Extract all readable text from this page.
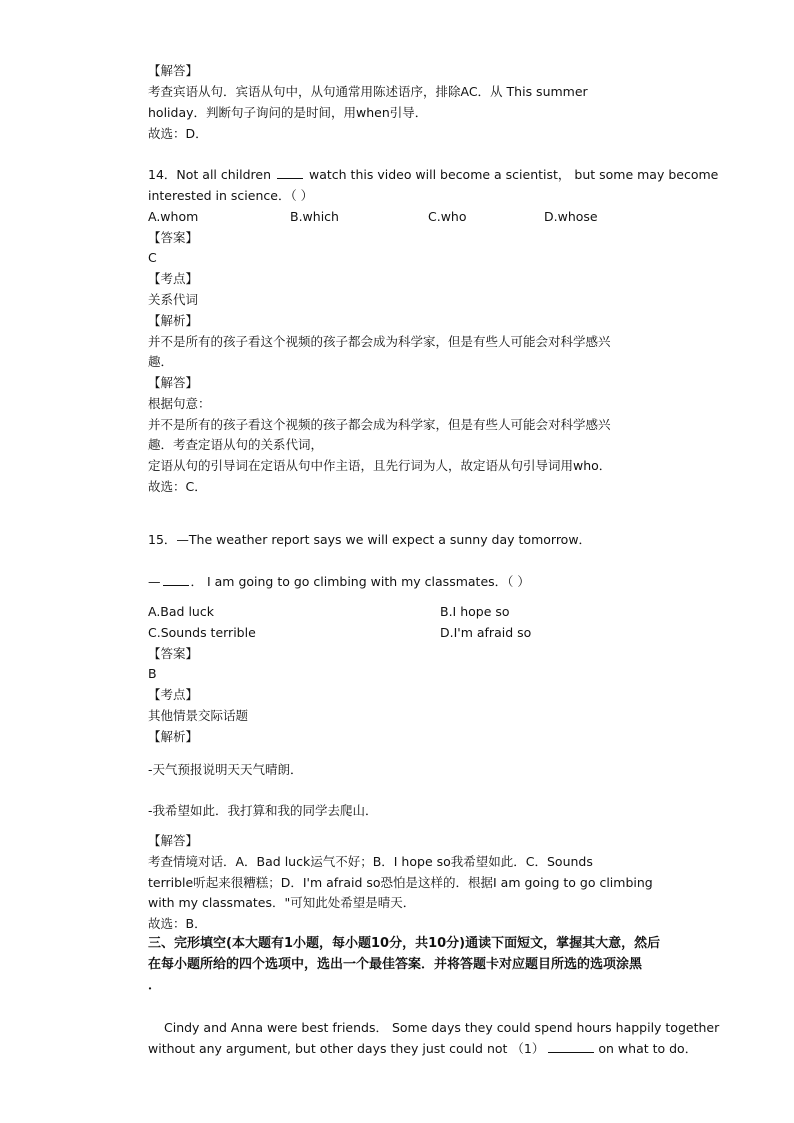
【解答】
考查宾语从句．宾语从句中，从句通常用陈述语序，排除AC．从 This summer
holiday．判断句子询问的是时间，用when引导．
故选：D．
14．Not all children	watch this video will become a scientist， but some may become
interested in science．（ ）
A.whom	B.which	C.who	D.whose
【答案】
C
【考点】
关系代词
【解析】
并不是所有的孩子看这个视频的孩子都会成为科学家，但是有些人可能会对科学感兴
趣．
【解答】
根据句意：
并不是所有的孩子看这个视频的孩子都会成为科学家，但是有些人可能会对科学感兴
趣．考查定语从句的关系代词，
定语从句的引导词在定语从句中作主语，且先行词为人，故定语从句引导词用who．
故选：C．
15．—The weather report says we will expect a sunny day tomorrow．
— ． I am going to go climbing with my classmates．（ ）
A.Bad luck	B.I hope so
C.Sounds terrible	D.I'm afraid so
【答案】
B
【考点】
其他情景交际话题
【解析】
-天气预报说明天天气晴朗．
-我希望如此．我打算和我的同学去爬山．
【解答】
考查情境对话．A．Bad luck运气不好；B．I hope so我希望如此．C．Sounds
terrible听起来很糟糕；D．I'm afraid so恐怕是这样的．根据I am going to go climbing
with my classmates．"可知此处希望是晴天．
故选：B．
三、完形填空(本大题有1小题，每小题10分，共10分)通读下面短文，掌握其大意，然后
在每小题所给的四个选项中，选出一个最佳答案．并将答题卡对应题目所选的选项涂黑
．
Cindy and Anna were best friends． Some days they could spend hours happily together
without any argument, but other days they just could not （1）	on what to do．
